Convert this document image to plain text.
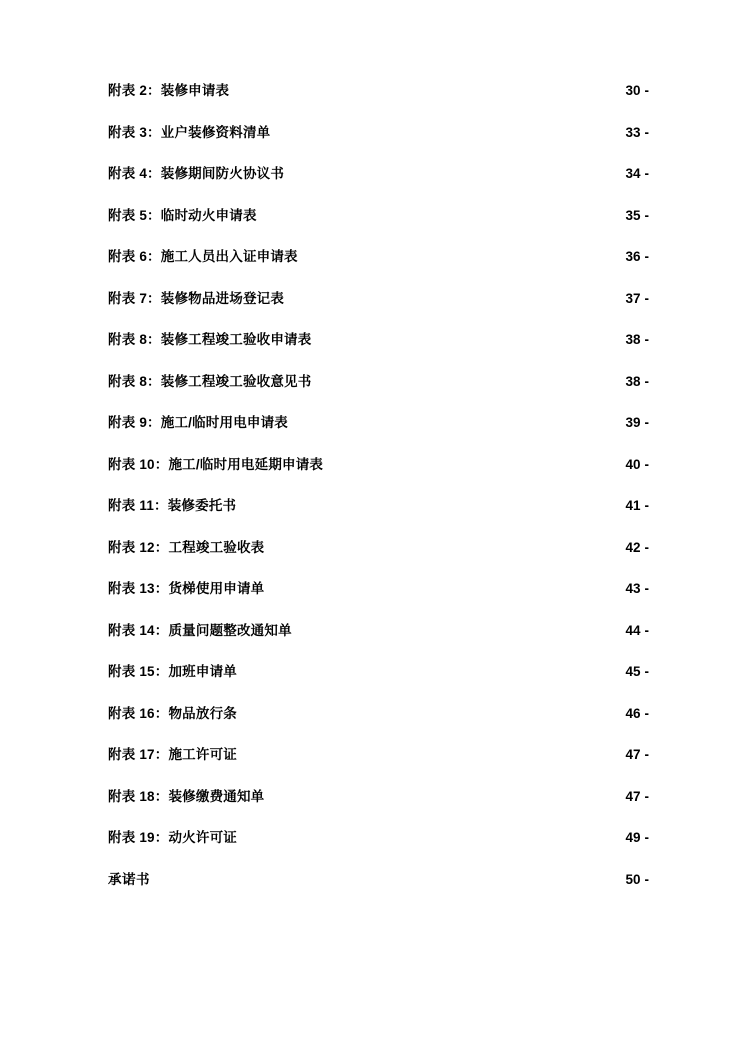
附表 2：装修申请表 .....	30 -
附表 3：业户装修资料清单 .....	33 -
附表 4：装修期间防火协议书 .....	34 -
附表 5：临时动火申请表 .....	35 -
附表 6：施工人员出入证申请表 .....	36 -
附表 7：装修物品进场登记表 .....	37 -
附表 8：装修工程竣工验收申请表 .....	38 -
附表 8：装修工程竣工验收意见书 .....	38 -
附表 9：施工/临时用电申请表 .....	39 -
附表 10：施工/临时用电延期申请表 .....	40 -
附表 11：装修委托书 .....	41 -
附表 12：工程竣工验收表 .....	42 -
附表 13：货梯使用申请单 .....	43 -
附表 14：质量问题整改通知单 .....	44 -
附表 15：加班申请单 .....	45 -
附表 16：物品放行条 .....	46 -
附表 17：施工许可证 .....	47 -
附表 18：装修缴费通知单 .....	47 -
附表 19：动火许可证 .....	49 -
承诺书 .....	50 -
